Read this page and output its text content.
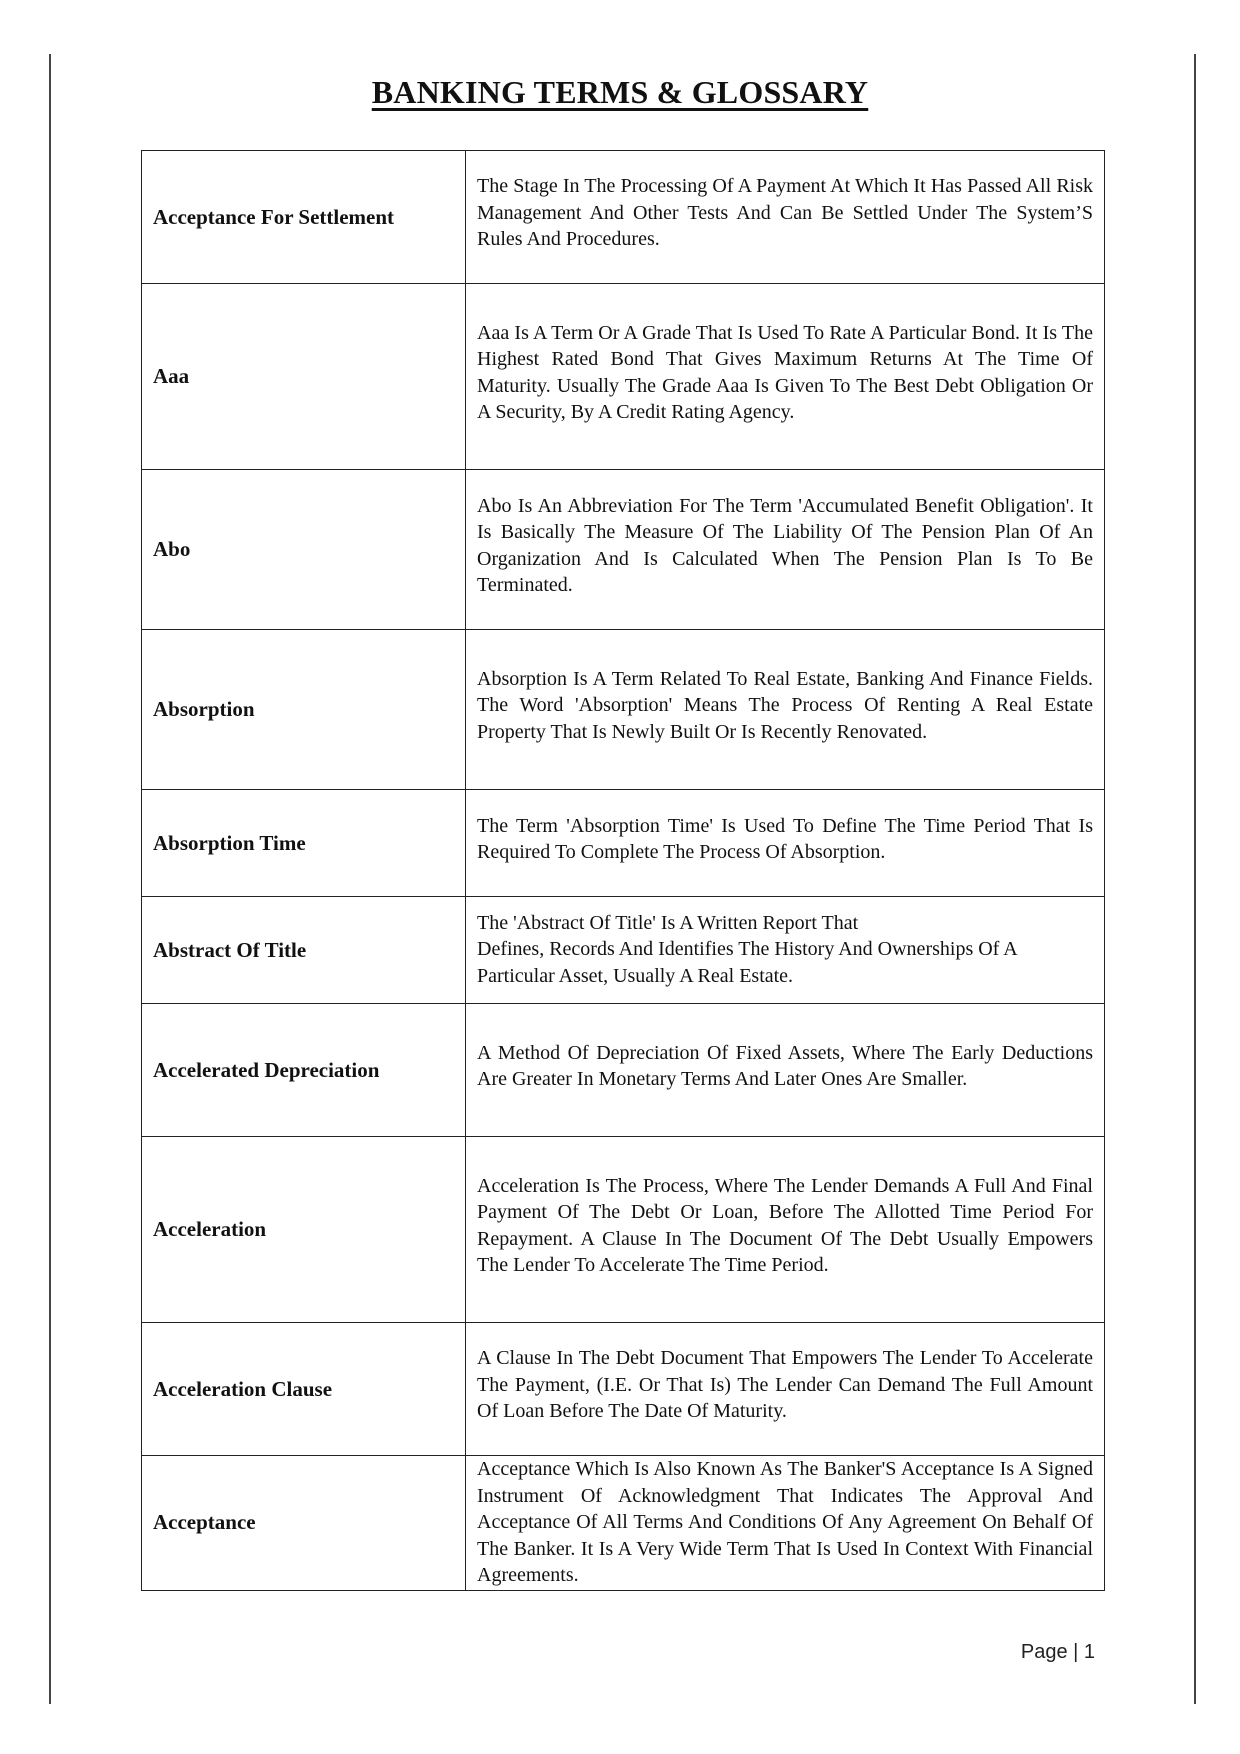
BANKING TERMS & GLOSSARY
Acceptance For Settlement	The Stage In The Processing Of A Payment At Which It Has Passed All Risk Management And Other Tests And Can Be Settled Under The System’S Rules And Procedures.
Aaa	Aaa Is A Term Or A Grade That Is Used To Rate A Particular Bond. It Is The Highest Rated Bond That Gives Maximum Returns At The Time Of Maturity. Usually The Grade Aaa Is Given To The Best Debt Obligation Or A Security, By A Credit Rating Agency.
Abo	Abo Is An Abbreviation For The Term 'Accumulated Benefit Obligation'. It Is Basically The Measure Of The Liability Of The Pension Plan Of An Organization And Is Calculated When The Pension Plan Is To Be Terminated.
Absorption	Absorption Is A Term Related To Real Estate, Banking And Finance Fields. The Word 'Absorption' Means The Process Of Renting A Real Estate Property That Is Newly Built Or Is Recently Renovated.
Absorption Time	The Term 'Absorption Time' Is Used To Define The Time Period That Is Required To Complete The Process Of Absorption.
Abstract Of Title	The 'Abstract Of Title' Is A Written Report That
Defines, Records And Identifies The History And Ownerships Of A Particular Asset, Usually A Real Estate.
Accelerated Depreciation	A Method Of Depreciation Of Fixed Assets, Where The Early Deductions Are Greater In Monetary Terms And Later Ones Are Smaller.
Acceleration	Acceleration Is The Process, Where The Lender Demands A Full And Final Payment Of The Debt Or Loan, Before The Allotted Time Period For Repayment. A Clause In The Document Of The Debt Usually Empowers The Lender To Accelerate The Time Period.
Acceleration Clause	A Clause In The Debt Document That Empowers The Lender To Accelerate The Payment, (I.E. Or That Is) The Lender Can Demand The Full Amount Of Loan Before The Date Of Maturity.
Acceptance	Acceptance Which Is Also Known As The Banker'S Acceptance Is A Signed Instrument Of Acknowledgment That Indicates The Approval And Acceptance Of All Terms And Conditions Of Any Agreement On Behalf Of The Banker. It Is A Very Wide Term That Is Used In Context With Financial Agreements.
Page | 1
